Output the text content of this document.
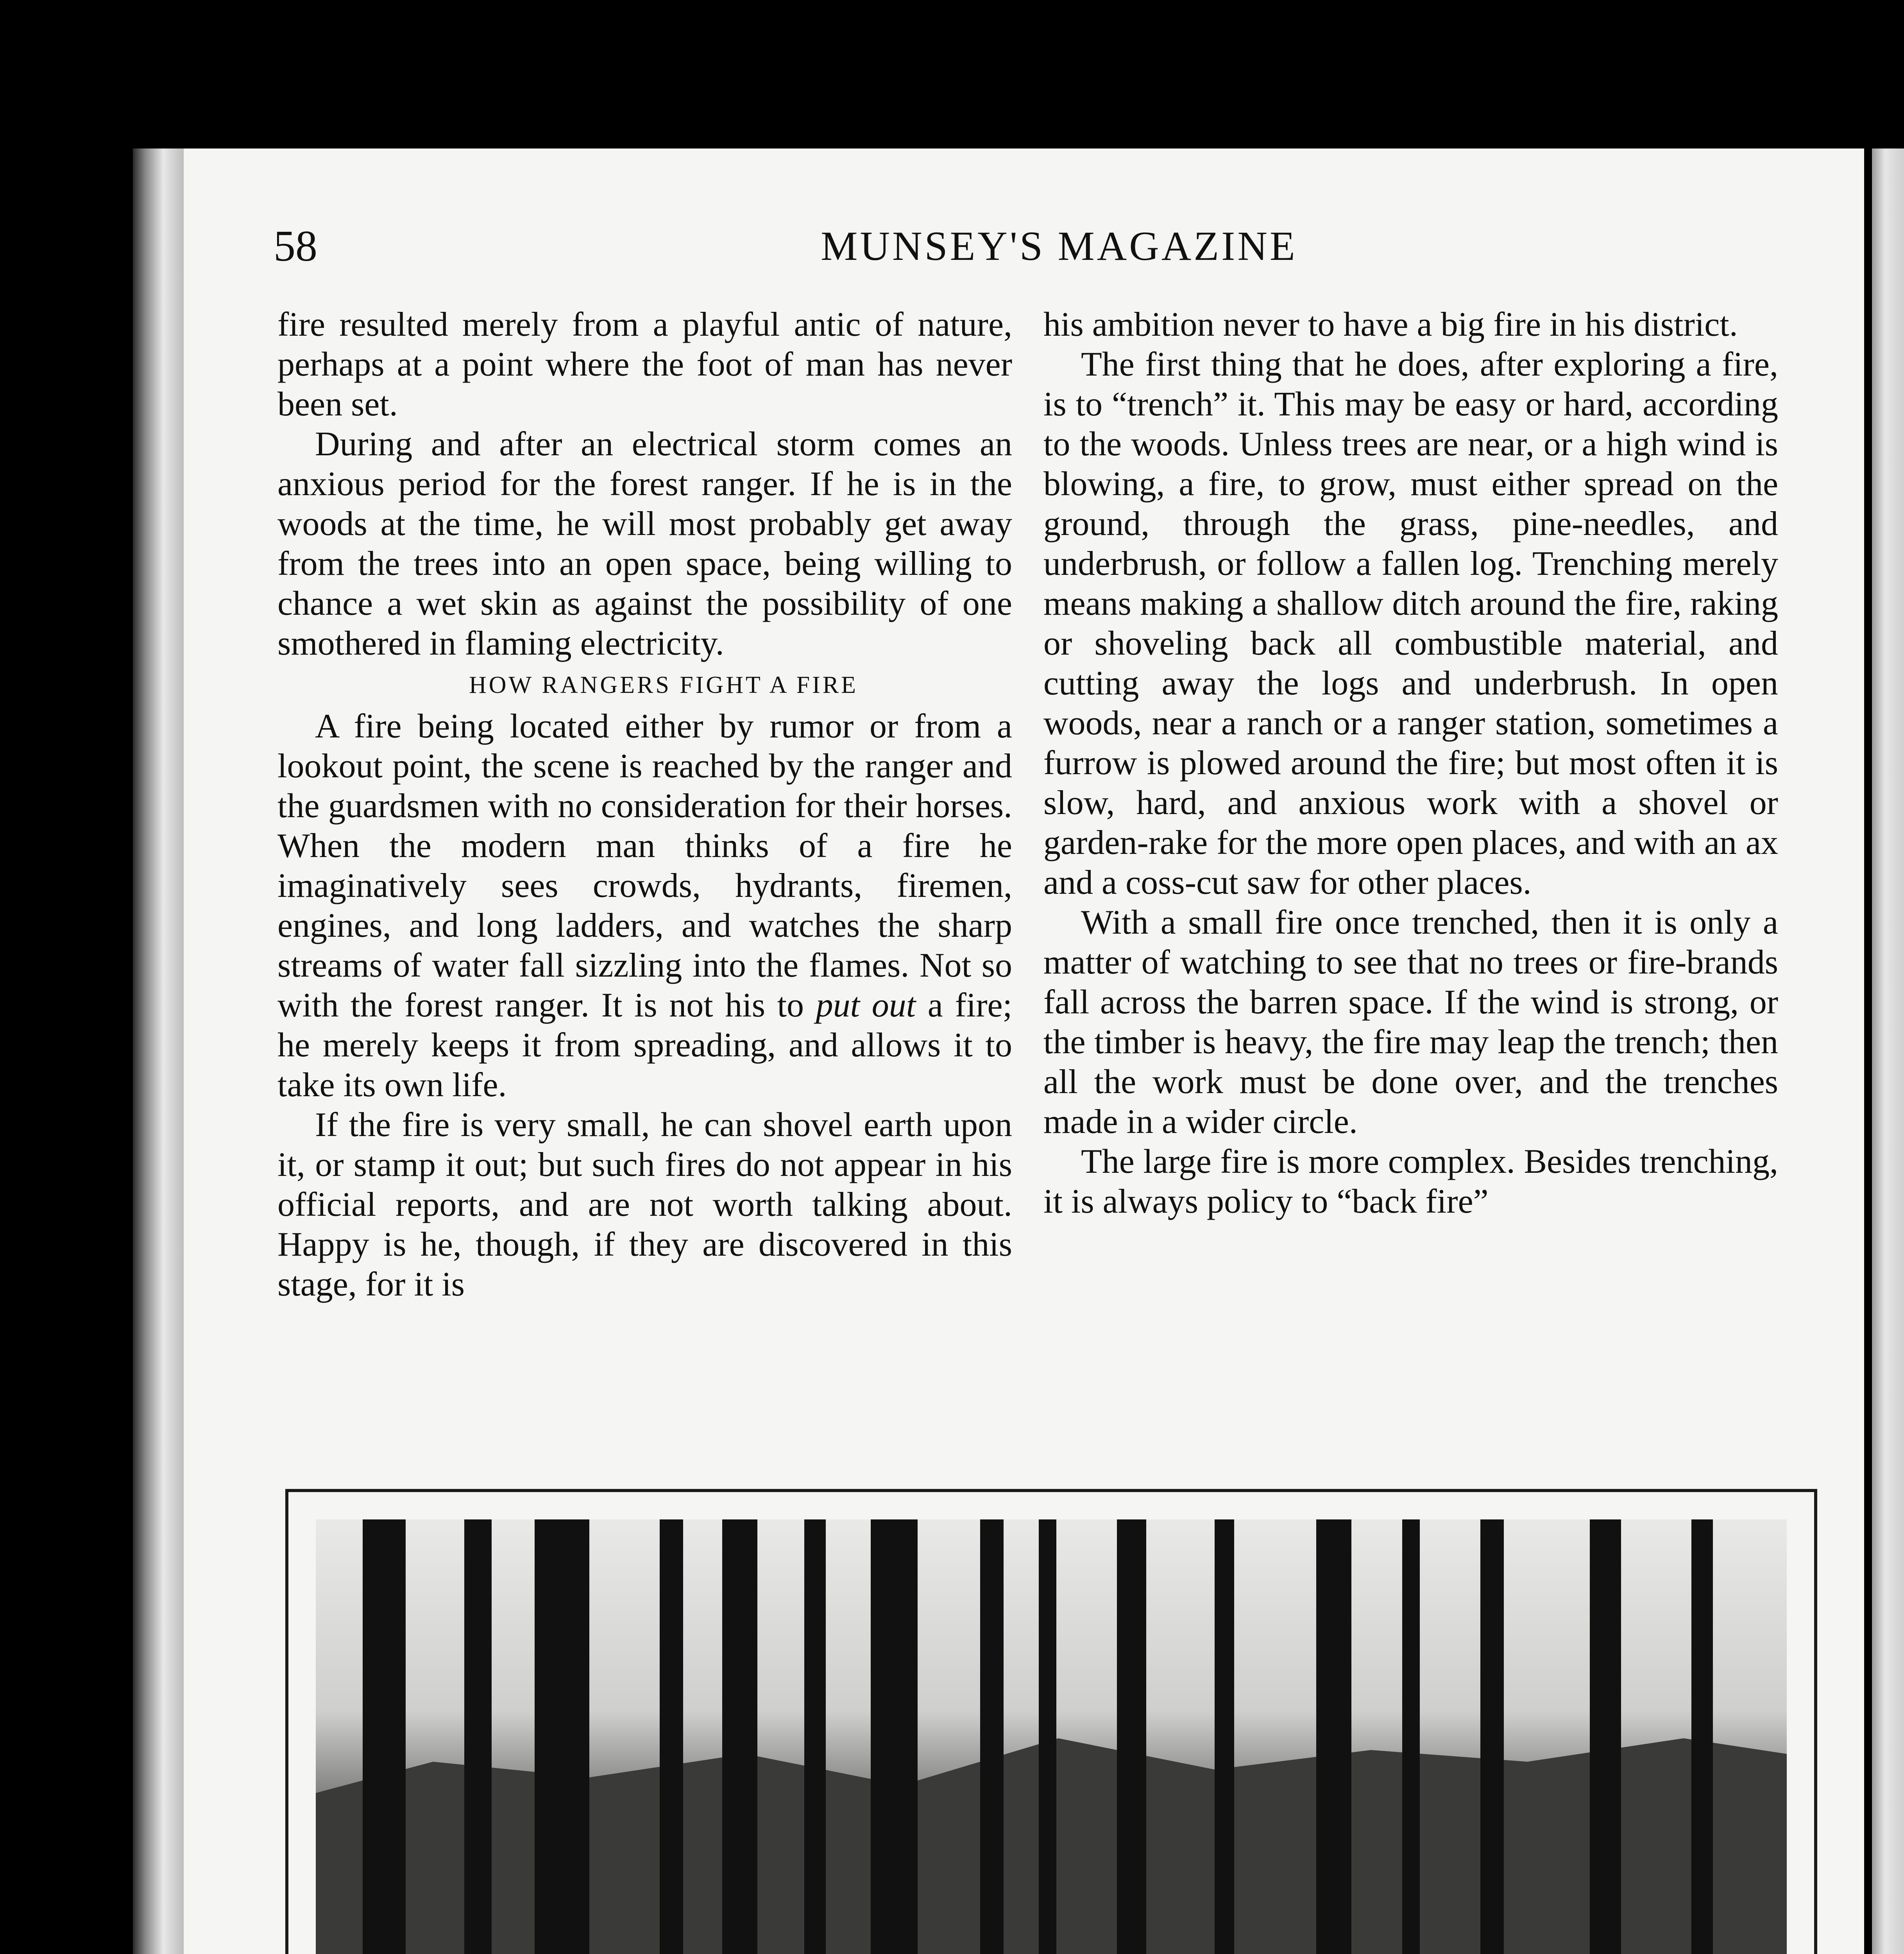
58	MUNSEY'S MAGAZINE

fire resulted merely from a playful antic of nature, perhaps at a point where the foot of man has never been set.

During and after an electrical storm comes an anxious period for the forest ranger. If he is in the woods at the time, he will most probably get away from the trees into an open space, being willing to chance a wet skin as against the possibility of one smothered in flaming electricity.

HOW RANGERS FIGHT A FIRE

A fire being located either by rumor or from a lookout point, the scene is reached by the ranger and the guardsmen with no consideration for their horses. When the modern man thinks of a fire he imaginatively sees crowds, hydrants, firemen, engines, and long ladders, and watches the sharp streams of water fall sizzling into the flames. Not so with the forest ranger. It is not his to put out a fire; he merely keeps it from spreading, and allows it to take its own life.

If the fire is very small, he can shovel earth upon it, or stamp it out; but such fires do not appear in his official reports, and are not worth talking about. Happy is he, though, if they are discovered in this stage, for it is

his ambition never to have a big fire in his district.

The first thing that he does, after exploring a fire, is to “trench” it. This may be easy or hard, according to the woods. Unless trees are near, or a high wind is blowing, a fire, to grow, must either spread on the ground, through the grass, pine-needles, and underbrush, or follow a fallen log. Trenching merely means making a shallow ditch around the fire, raking or shoveling back all combustible material, and cutting away the logs and underbrush. In open woods, near a ranch or a ranger station, sometimes a furrow is plowed around the fire; but most often it is slow, hard, and anxious work with a shovel or garden-rake for the more open places, and with an ax and a coss-cut saw for other places.

With a small fire once trenched, then it is only a matter of watching to see that no trees or fire-brands fall across the barren space. If the wind is strong, or the timber is heavy, the fire may leap the trench; then all the work must be done over, and the trenches made in a wider circle.

The large fire is more complex. Besides trenching, it is always policy to “back fire”
